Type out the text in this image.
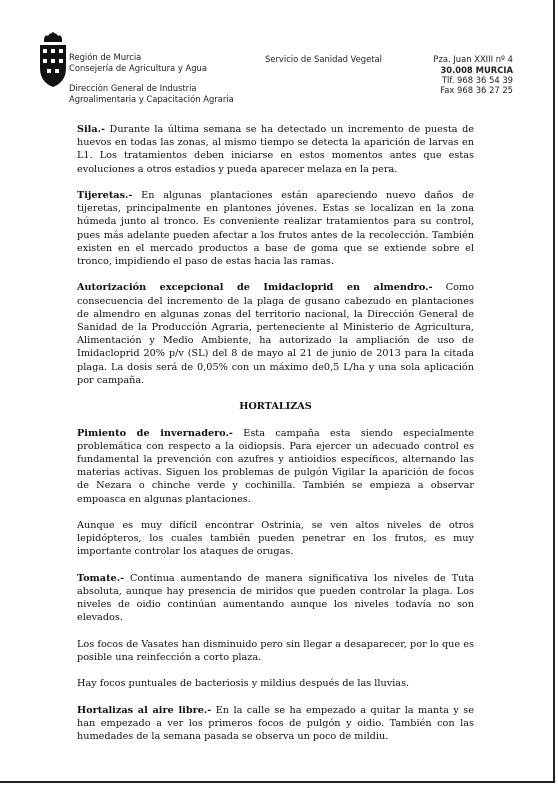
Región de Murcia
Consejería de Agricultura y Agua
Dirección General de Industria
Agroalimentaria y Capacitación Agraria
Servicio de Sanidad Vegetal	Pza. Juan XXIII nº 4
30.008 MURCIA
Tlf. 968 36 54 39
Fax 968 36 27 25

Sila.- Durante la última semana se ha detectado un incremento de puesta de huevos en todas las zonas, al mismo tiempo se detecta la aparición de larvas en L1. Los tratamientos deben iniciarse en estos momentos antes que estas evoluciones a otros estadios y pueda aparecer melaza en la pera.

Tijeretas.- En algunas plantaciones están apareciendo nuevo daños de tijeretas, principalmente en plantones jóvenes. Estas se localizan en la zona húmeda junto al tronco. Es conveniente realizar tratamientos para su control, pues más adelante pueden afectar a los frutos antes de la recolección. También existen en el mercado productos a base de goma que se extiende sobre el tronco, impidiendo el paso de estas hacia las ramas.

Autorización excepcional de Imidacloprid en almendro.- Como consecuencia del incremento de la plaga de gusano cabezudo en plantaciones de almendro en algunas zonas del territorio nacional, la Dirección General de Sanidad de la Producción Agraria, perteneciente al Ministerio de Agricultura, Alimentación y Medio Ambiente, ha autorizado la ampliación de uso de Imidacloprid 20% p/v (SL) del 8 de mayo al 21 de junio de 2013 para la citada plaga. La dosis será de 0,05% con un máximo de0,5 L/ha y una sola aplicación por campaña.

HORTALIZAS

Pimiento de invernadero.- Esta campaña esta siendo especialmente problemática con respecto a la oidiopsis. Para ejercer un adecuado control es fundamental la prevención con azufres y antioidios específicos, alternando las materias activas. Siguen los problemas de pulgón Vigilar la aparición de focos de Nezara o chinche verde y cochinilla. También se empieza a observar empoasca en algunas plantaciones.

Aunque es muy difícil encontrar Ostrinia, se ven altos niveles de otros lepidópteros, los cuales también pueden penetrar en los frutos, es muy importante controlar los ataques de orugas.

Tomate.- Continua aumentando de manera significativa los niveles de Tuta absoluta, aunque hay presencia de miridos que pueden controlar la plaga. Los niveles de oidio continúan aumentando aunque los niveles todavía no son elevados.

Los focos de Vasates han disminuido pero sin llegar a desaparecer, por lo que es posible una reinfección a corto plaza.

Hay focos puntuales de bacteriosis y mildius después de las lluvias.

Hortalizas al aire libre.- En la calle se ha empezado a quitar la manta y se han empezado a ver los primeros focos de pulgón y oidio. También con las humedades de la semana pasada se observa un poco de mildiu.
